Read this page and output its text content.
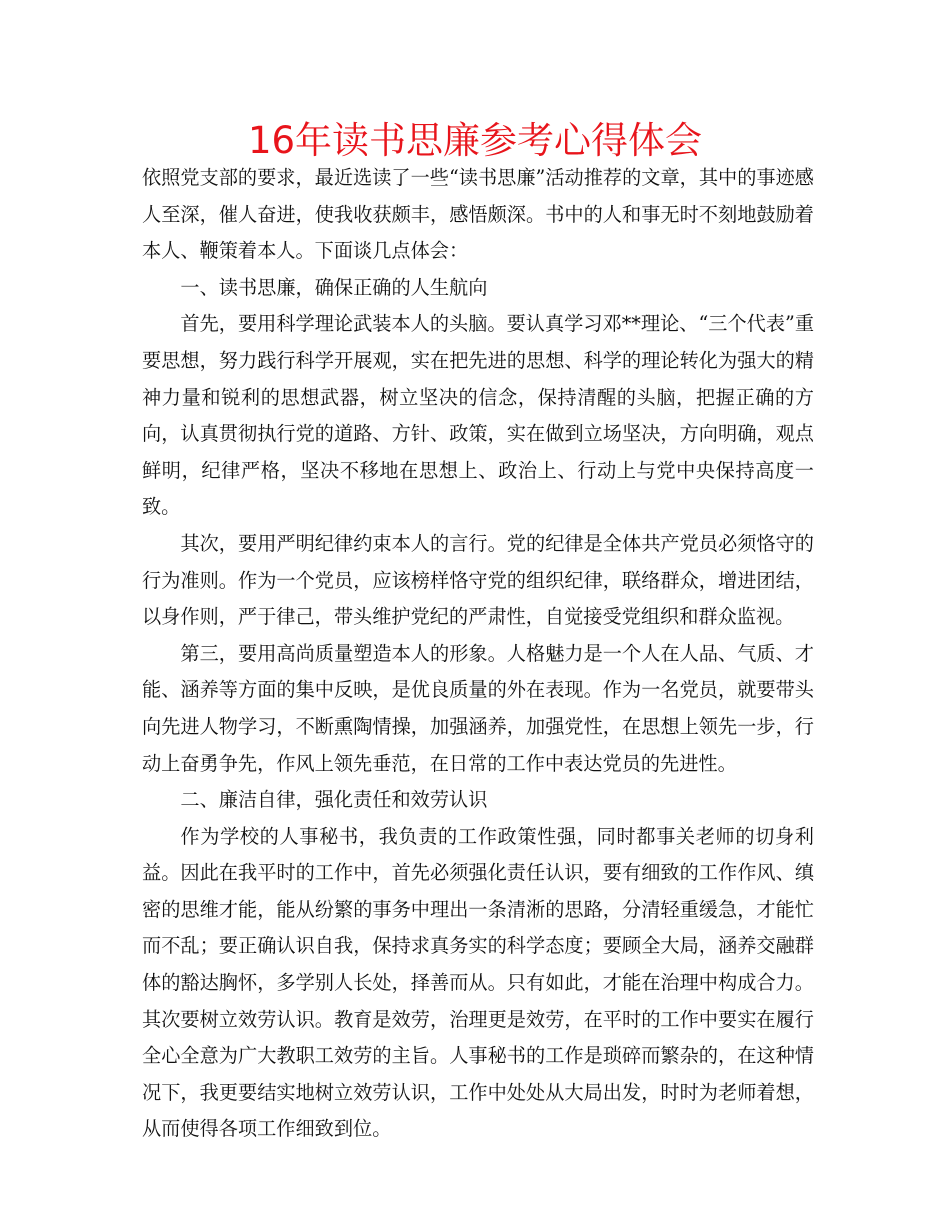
16年读书思廉参考心得体会

依照党支部的要求，最近选读了一些“读书思廉”活动推荐的文章，其中的事迹感人至深，催人奋进，使我收获颇丰，感悟颇深。书中的人和事无时不刻地鼓励着本人、鞭策着本人。下面谈几点体会：

一、读书思廉，确保正确的人生航向

首先，要用科学理论武装本人的头脑。要认真学习邓**理论、“三个代表”重要思想，努力践行科学开展观，实在把先进的思想、科学的理论转化为强大的精神力量和锐利的思想武器，树立坚决的信念，保持清醒的头脑，把握正确的方向，认真贯彻执行党的道路、方针、政策，实在做到立场坚决，方向明确，观点鲜明，纪律严格，坚决不移地在思想上、政治上、行动上与党中央保持高度一致。

其次，要用严明纪律约束本人的言行。党的纪律是全体共产党员必须恪守的行为准则。作为一个党员，应该榜样恪守党的组织纪律，联络群众，增进团结，以身作则，严于律己，带头维护党纪的严肃性，自觉接受党组织和群众监视。

第三，要用高尚质量塑造本人的形象。人格魅力是一个人在人品、气质、才能、涵养等方面的集中反映，是优良质量的外在表现。作为一名党员，就要带头向先进人物学习，不断熏陶情操，加强涵养，加强党性，在思想上领先一步，行动上奋勇争先，作风上领先垂范，在日常的工作中表达党员的先进性。

二、廉洁自律，强化责任和效劳认识

作为学校的人事秘书，我负责的工作政策性强，同时都事关老师的切身利益。因此在我平时的工作中，首先必须强化责任认识，要有细致的工作作风、缜密的思维才能，能从纷繁的事务中理出一条清淅的思路，分清轻重缓急，才能忙而不乱；要正确认识自我，保持求真务实的科学态度；要顾全大局，涵养交融群体的豁达胸怀，多学别人长处，择善而从。只有如此，才能在治理中构成合力。其次要树立效劳认识。教育是效劳，治理更是效劳，在平时的工作中要实在履行全心全意为广大教职工效劳的主旨。人事秘书的工作是琐碎而繁杂的，在这种情况下，我更要结实地树立效劳认识，工作中处处从大局出发，时时为老师着想，从而使得各项工作细致到位。
